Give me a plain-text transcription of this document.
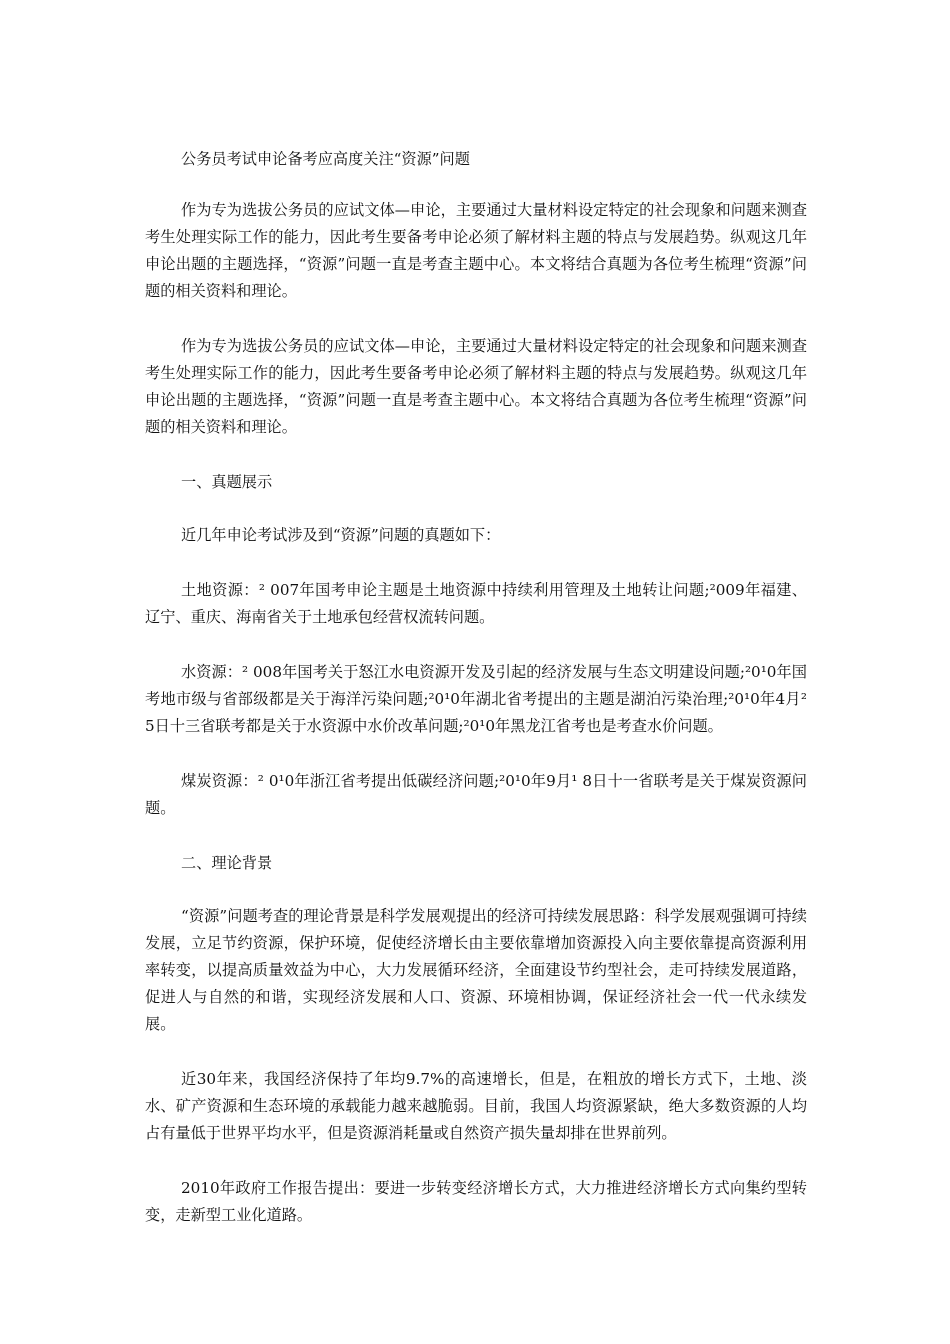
公务员考试申论备考应高度关注“资源”问题

作为专为选拔公务员的应试文体—申论，主要通过大量材料设定特定的社会现象和问题来测查考生处理实际工作的能力，因此考生要备考申论必须了解材料主题的特点与发展趋势。纵观这几年申论出题的主题选择，“资源”问题一直是考查主题中心。本文将结合真题为各位考生梳理“资源”问题的相关资料和理论。

作为专为选拔公务员的应试文体—申论，主要通过大量材料设定特定的社会现象和问题来测查考生处理实际工作的能力，因此考生要备考申论必须了解材料主题的特点与发展趋势。纵观这几年申论出题的主题选择，“资源”问题一直是考查主题中心。本文将结合真题为各位考生梳理“资源”问题的相关资料和理论。

一、真题展示

近几年申论考试涉及到“资源”问题的真题如下：

土地资源：² 007年国考申论主题是土地资源中持续利用管理及土地转让问题;²009年福建、辽宁、重庆、海南省关于土地承包经营权流转问题。

水资源：² 008年国考关于怒江水电资源开发及引起的经济发展与生态文明建设问题;²0¹0年国考地市级与省部级都是关于海洋污染问题;²0¹0年湖北省考提出的主题是湖泊污染治理;²0¹0年4月² 5日十三省联考都是关于水资源中水价改革问题;²0¹0年黑龙江省考也是考查水价问题。

煤炭资源：² 0¹0年浙江省考提出低碳经济问题;²0¹0年9月¹ 8日十一省联考是关于煤炭资源问题。

二、理论背景

“资源”问题考查的理论背景是科学发展观提出的经济可持续发展思路：科学发展观强调可持续发展，立足节约资源，保护环境，促使经济增长由主要依靠增加资源投入向主要依靠提高资源利用率转变，以提高质量效益为中心，大力发展循环经济，全面建设节约型社会，走可持续发展道路，促进人与自然的和谐，实现经济发展和人口、资源、环境相协调，保证经济社会一代一代永续发展。

近30年来，我国经济保持了年均9.7%的高速增长，但是，在粗放的增长方式下，土地、淡水、矿产资源和生态环境的承载能力越来越脆弱。目前，我国人均资源紧缺，绝大多数资源的人均占有量低于世界平均水平，但是资源消耗量或自然资产损失量却排在世界前列。

2010年政府工作报告提出：要进一步转变经济增长方式，大力推进经济增长方式向集约型转变，走新型工业化道路。
